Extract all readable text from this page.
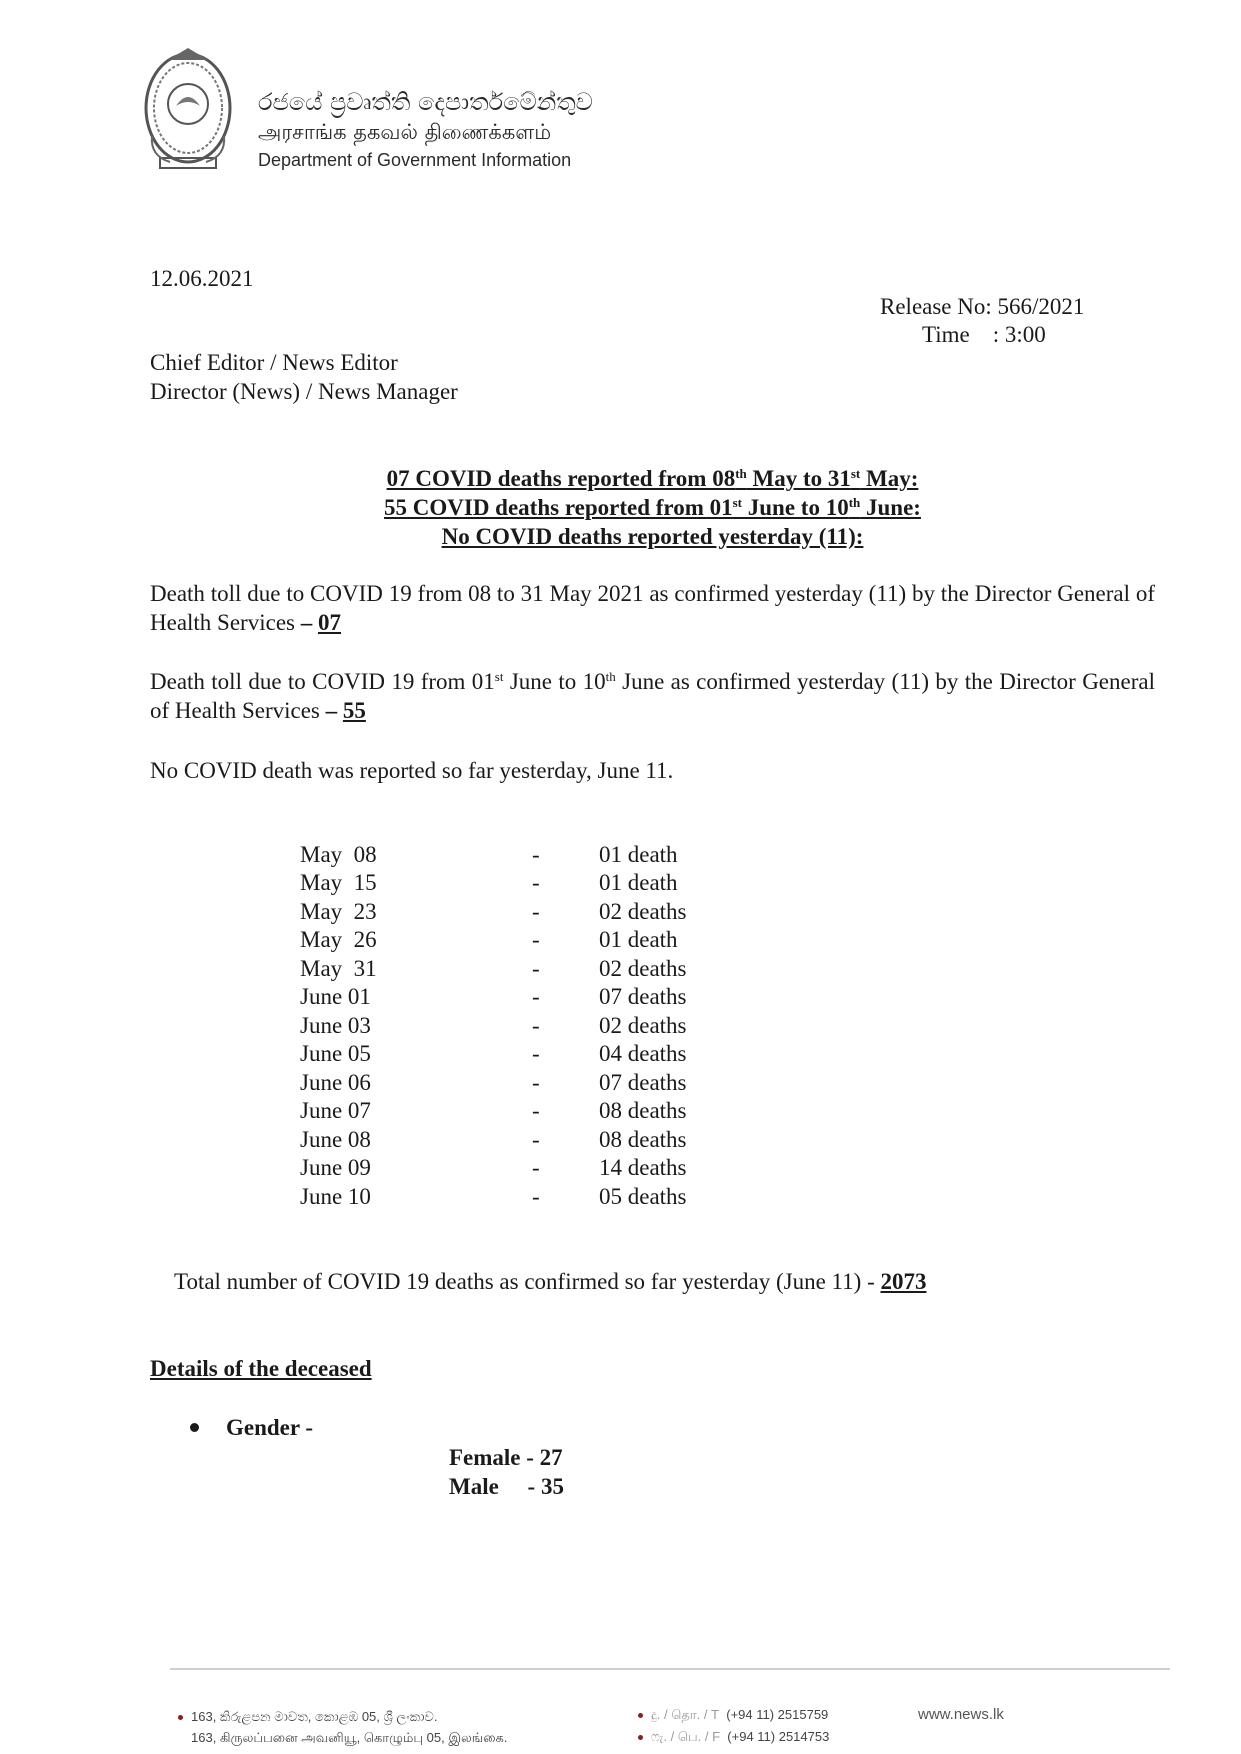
රජයේ ප්‍රවෘත්ති දෙපාර්තමේන්තුව
அரசாங்க தகவல் திணைக்களம்
Department of Government Information
12.06.2021
Release No: 566/2021
Time    : 3:00
Chief Editor / News Editor
Director (News) / News Manager
07 COVID deaths reported from 08th May to 31st May:
55 COVID deaths reported from 01st June to 10th June:
No COVID deaths reported yesterday (11):
Death toll due to COVID 19 from 08 to 31 May 2021 as confirmed yesterday (11) by the Director General of Health Services – 07
Death toll due to COVID 19 from 01st June to 10th June as confirmed yesterday (11) by the Director General of Health Services – 55
No COVID death was reported so far yesterday, June 11.
May  08	-	01 death
May  15	-	01 death
May  23	-	02 deaths
May  26	-	01 death
May  31	-	02 deaths
June 01	-	07 deaths
June 03	-	02 deaths
June 05	-	04 deaths
June 06	-	07 deaths
June 07	-	08 deaths
June 08	-	08 deaths
June 09	-	14 deaths
June 10	-	05 deaths
Total number of COVID 19 deaths as confirmed so far yesterday (June 11) - 2073
Details of the deceased
Gender -
Female - 27
Male     - 35
163, කිරුළපන මාවත, කොළඹ 05, ශ්‍රී ලංකාව.
163, கிருலப்பனை அவனியூ, கொழும்பு 05, இலங்கை.
දු. / தொ. / T (+94 11) 2515759
ෆැ. / பெ. / F (+94 11) 2514753
www.news.lk
